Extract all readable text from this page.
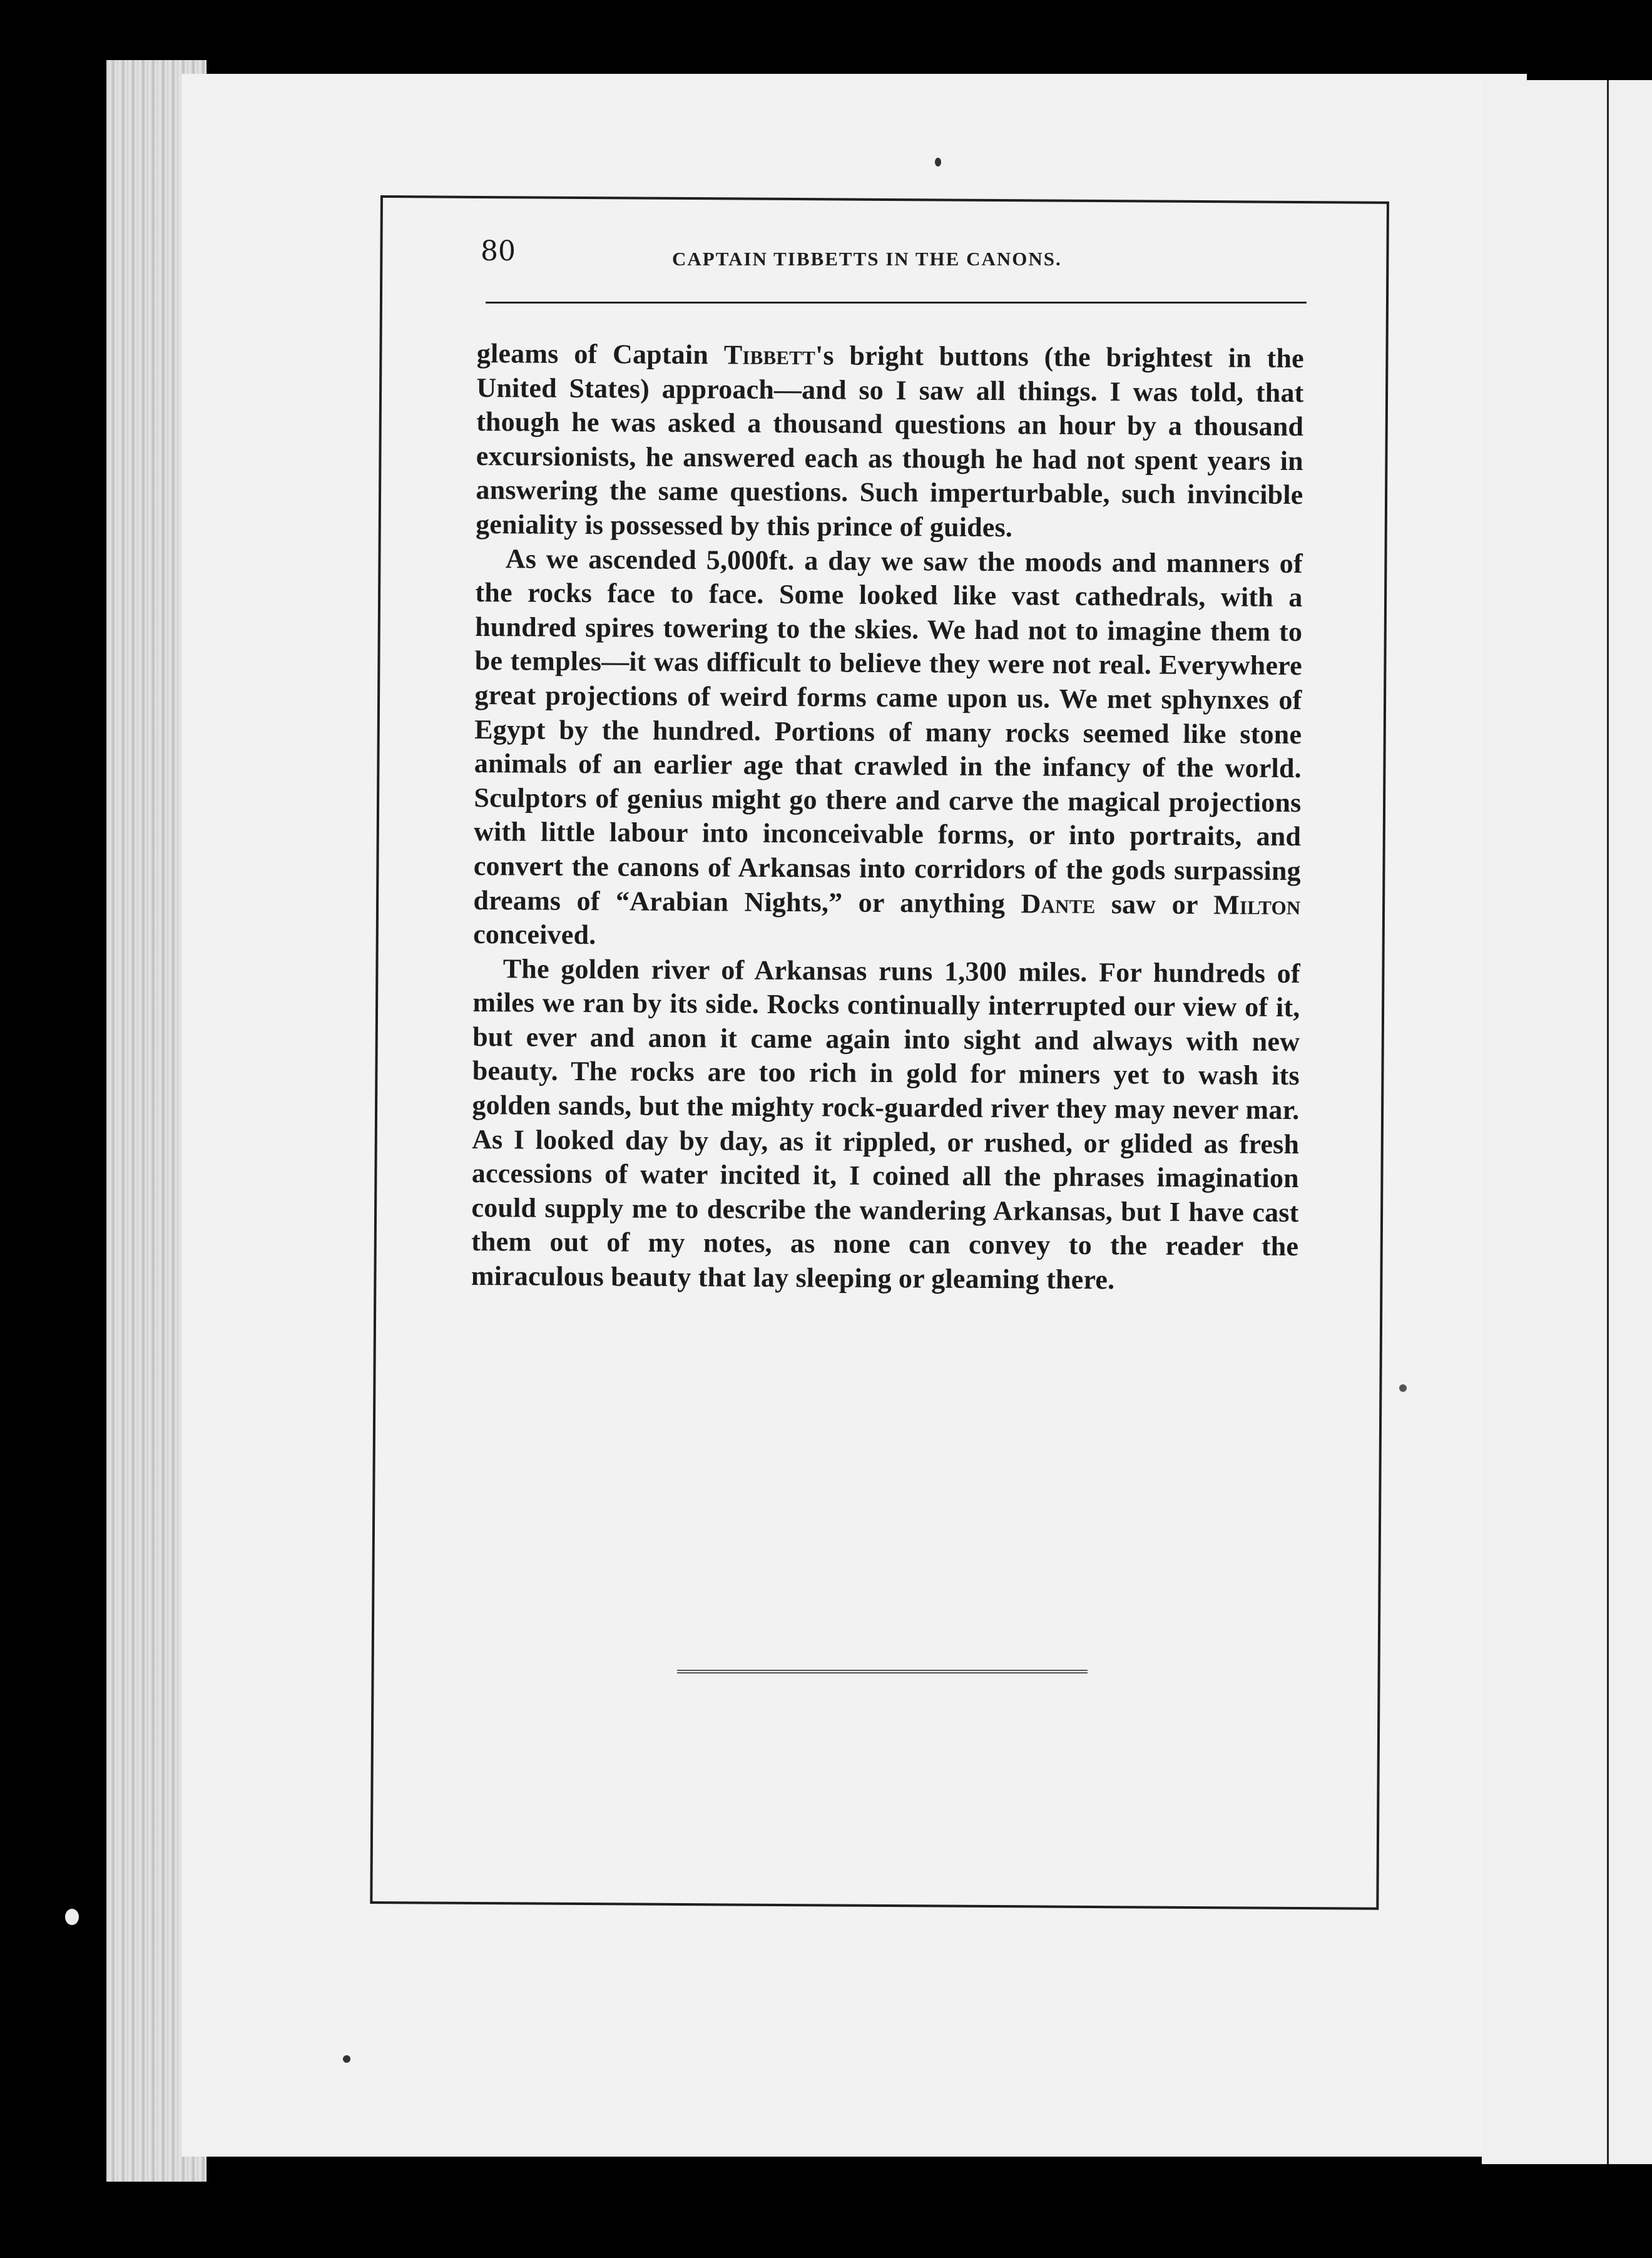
80	CAPTAIN TIBBETTS IN THE CANONS.

gleams of Captain Tibbett's bright buttons (the brightest in the United States) approach—and so I saw all things. I was told, that though he was asked a thousand questions an hour by a thousand excursionists, he answered each as though he had not spent years in answering the same questions. Such imperturbable, such invincible geniality is possessed by this prince of guides.

As we ascended 5,000ft. a day we saw the moods and manners of the rocks face to face. Some looked like vast cathedrals, with a hundred spires towering to the skies. We had not to imagine them to be temples—it was difficult to believe they were not real. Everywhere great projections of weird forms came upon us. We met sphynxes of Egypt by the hundred. Portions of many rocks seemed like stone animals of an earlier age that crawled in the infancy of the world. Sculptors of genius might go there and carve the magical projections with little labour into inconceivable forms, or into portraits, and convert the canons of Arkansas into corridors of the gods surpassing dreams of “Arabian Nights,” or anything Dante saw or Milton conceived.

The golden river of Arkansas runs 1,300 miles. For hundreds of miles we ran by its side. Rocks continually interrupted our view of it, but ever and anon it came again into sight and always with new beauty. The rocks are too rich in gold for miners yet to wash its golden sands, but the mighty rock-guarded river they may never mar. As I looked day by day, as it rippled, or rushed, or glided as fresh accessions of water incited it, I coined all the phrases imagination could supply me to describe the wandering Arkansas, but I have cast them out of my notes, as none can convey to the reader the miraculous beauty that lay sleeping or gleaming there.
